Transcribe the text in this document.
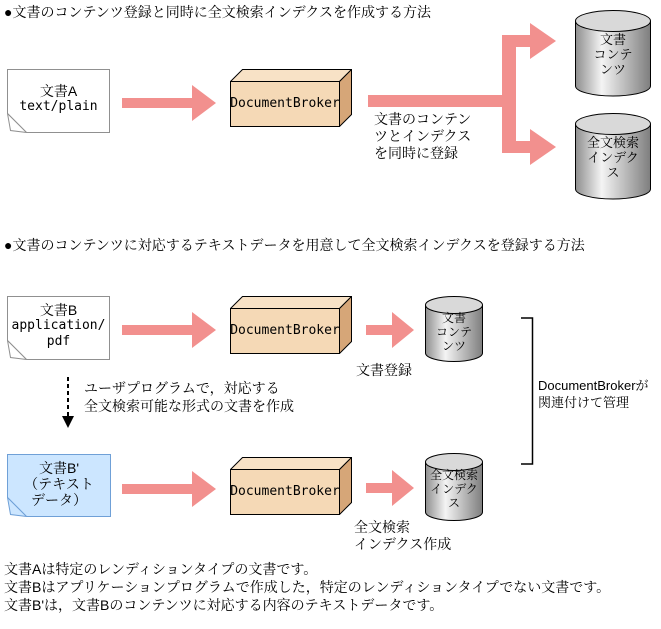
●文書のコンテンツ登録と同時に全文検索インデクスを作成する方法
文書A
text/plain	DocumentBroker
文書のコンテン
ツとインデクス
を同時に登録
文書
コンテ
ンツ
全文検索
インデク
ス
●文書のコンテンツに対応するテキストデータを用意して全文検索インデクスを登録する方法
文書B
application/
pdf
DocumentBroker
文書
コンテ
ンツ
文書登録
ユーザプログラムで，対応する
全文検索可能な形式の文書を作成
文書B'
（テキスト
データ）	DocumentBroker
全文検索
インデク
ス
全文検索
インデクス作成
DocumentBrokerが
関連付けて管理
文書Aは特定のレンディションタイプの文書です。
文書Bはアプリケーションプログラムで作成した，特定のレンディションタイプでない文書です。
文書B'は，文書Bのコンテンツに対応する内容のテキストデータです。
